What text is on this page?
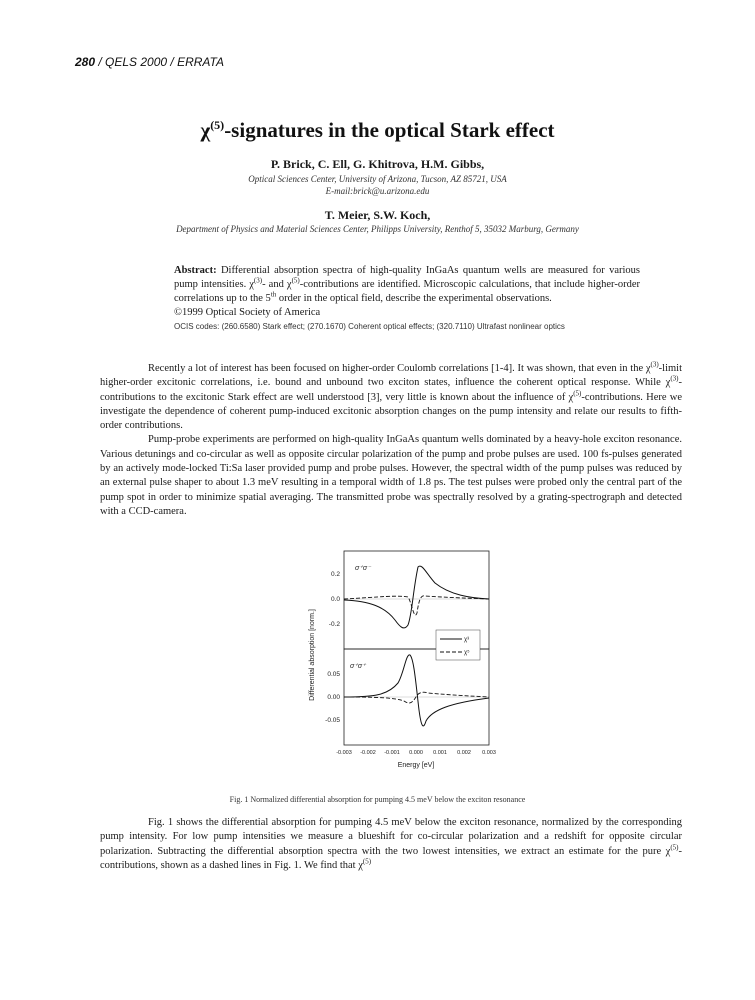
280 / QELS 2000 / ERRATA
$\chi^{(5)}$-signatures in the optical Stark effect
P. Brick, C. Ell, G. Khitrova, H.M. Gibbs,
Optical Sciences Center, University of Arizona, Tucson, AZ 85721, USA
E-mail:brick@u.arizona.edu
T. Meier, S.W. Koch,
Department of Physics and Material Sciences Center, Philipps University, Renthof 5, 35032 Marburg, Germany
Abstract: Differential absorption spectra of high-quality InGaAs quantum wells are measured for various pump intensities. $\chi^{(3)}-$ and $\chi^{(5)}$-contributions are identified. Microscopic calculations, that include higher-order correlations up to the 5th order in the optical field, describe the experimental observations.
©1999 Optical Society of America
OCIS codes: (260.6580) Stark effect; (270.1670) Coherent optical effects; (320.7110) Ultrafast nonlinear optics

Recently a lot of interest has been focused on higher-order Coulomb correlations [1-4]. It was shown, that even in the $\chi^{(3)}$-limit higher-order excitonic correlations, i.e. bound and unbound two exciton states, influence the coherent optical response. While $\chi^{(3)}$-contributions to the excitonic Stark effect are well understood [3], very little is known about the influence of $\chi^{(5)}$-contributions. Here we investigate the dependence of coherent pump-induced excitonic absorption changes on the pump intensity and relate our results to fifth-order contributions.

Pump-probe experiments are performed on high-quality InGaAs quantum wells dominated by a heavy-hole exciton resonance. Various detunings and co-circular as well as opposite circular polarization of the pump and probe pulses are used. 100 fs-pulses generated by an actively mode-locked Ti:Sa laser provided pump and probe pulses. However, the spectral width of the pump pulses was reduced by an external pulse shaper to about 1.3 meV resulting in a temporal width of 1.8 ps. The test pulses were probed only the central part of the pump spot in order to minimize spatial averaging. The transmitted probe was spectrally resolved by a grating-spectrograph and detected with a CCD-camera.

0.2
0.0
-0.2
0.05
0.00
-0.05
-0.003 -0.002 -0.001 0.000 0.001 0.002 0.003
Energy [eV]
Differential absorption [norm.]
σ⁺σ⁻
σ⁺σ⁺
χ³
χ⁵
Fig. 1 Normalized differential absorption for pumping 4.5 meV below the exciton resonance

Fig. 1 shows the differential absorption for pumping 4.5 meV below the exciton resonance, normalized by the corresponding pump intensity. For low pump intensities we measure a blueshift for co-circular polarization and a redshift for opposite circular polarization. Subtracting the differential absorption spectra with the two lowest intensities, we extract an estimate for the pure $\chi^{(5)}$-contributions, shown as a dashed lines in Fig. 1. We find that $\chi^{(5)}$
